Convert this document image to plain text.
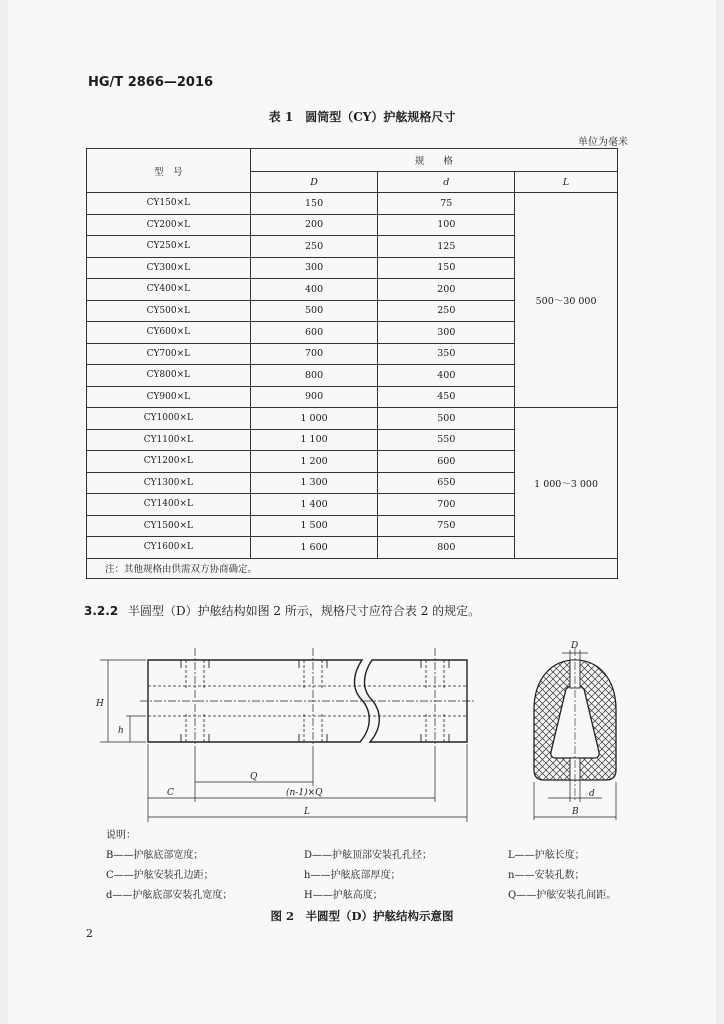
HG/T 2866—2016
表 1　圆筒型（CY）护舷规格尺寸
单位为毫米
型　号	规　　格		
	D	d	L
CY150×L	150	75	500～30 000
CY200×L	200	100	
CY250×L	250	125	
CY300×L	300	150	
CY400×L	400	200	
CY500×L	500	250	
CY600×L	600	300	
CY700×L	700	350	
CY800×L	800	400	
CY900×L	900	450	
CY1000×L	1 000	500	1 000～3 000
CY1100×L	1 100	550	
CY1200×L	1 200	600	
CY1300×L	1 300	650	
CY1400×L	1 400	700	
CY1500×L	1 500	750	
CY1600×L	1 600	800	
注：其他规格由供需双方协商确定。			
3.2.2 半圆型（D）护舷结构如图 2 所示，规格尺寸应符合表 2 的规定。
H
h
Q
C	(n-1)×Q
L
D
d
B
说明：
B——护舷底部宽度；
C——护舷安装孔边距；
d——护舷底部安装孔宽度；
D——护舷顶部安装孔孔径；
h——护舷底部厚度；
H——护舷高度；
L——护舷长度；
n——安装孔数；
Q——护舷安装孔间距。
图 2　半圆型（D）护舷结构示意图
2
